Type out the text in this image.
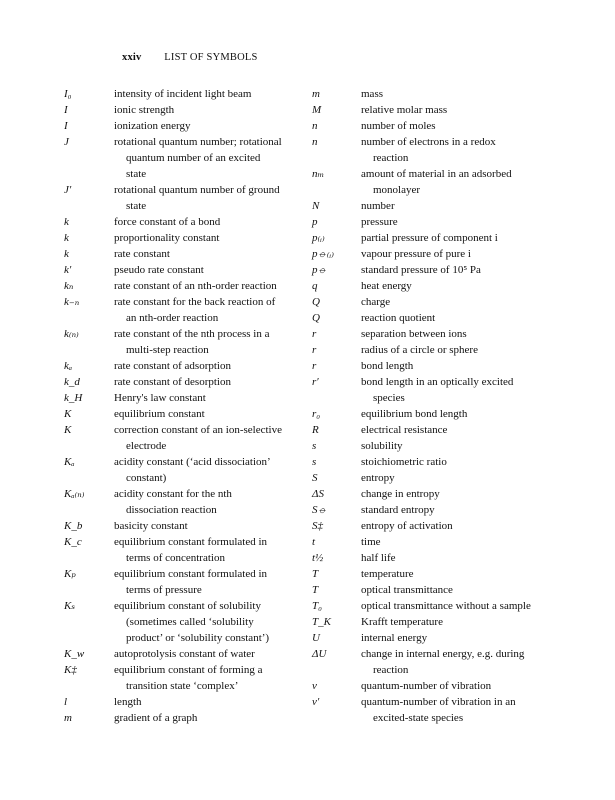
xxiv LIST OF SYMBOLS
I₀	intensity of incident light beam
I	ionic strength
I	ionization energy
J	rotational quantum number; rotational
quantum number of an excited
state
J′	rotational quantum number of ground
state
k	force constant of a bond
k	proportionality constant
k	rate constant
k′	pseudo rate constant
kₙ	rate constant of an nth-order reaction
k₋ₙ	rate constant for the back reaction of
an nth-order reaction
k₍ₙ₎	rate constant of the nth process in a
multi-step reaction
kₐ	rate constant of adsorption
k_d	rate constant of desorption
k_H	Henry's law constant
K	equilibrium constant
K	correction constant of an ion-selective
electrode
Kₐ	acidity constant (‘acid dissociation’
constant)
Kₐ₍ₙ₎	acidity constant for the nth
dissociation reaction
K_b	basicity constant
K_c	equilibrium constant formulated in
terms of concentration
Kₚ	equilibrium constant formulated in
terms of pressure
Kₛ	equilibrium constant of solubility
(sometimes called ‘solubility
product’ or ‘solubility constant’)
K_w	autoprotolysis constant of water
K‡	equilibrium constant of forming a
transition state ‘complex’
l	length
m	gradient of a graph
m	mass
M	relative molar mass
n	number of moles
n	number of electrons in a redox
reaction
nₘ	amount of material in an adsorbed
monolayer
N	number
p	pressure
p₍ᵢ₎	partial pressure of component i
p⦵₍ᵢ₎	vapour pressure of pure i
p⦵	standard pressure of 10⁵ Pa
q	heat energy
Q	charge
Q	reaction quotient
r	separation between ions
r	radius of a circle or sphere
r	bond length
r′	bond length in an optically excited
species
r₀	equilibrium bond length
R	electrical resistance
s	solubility
s	stoichiometric ratio
S	entropy
ΔS	change in entropy
S⦵	standard entropy
S‡	entropy of activation
t	time
t½	half life
T	temperature
T	optical transmittance
T₀	optical transmittance without a sample
T_K	Krafft temperature
U	internal energy
ΔU	change in internal energy, e.g. during
reaction
v	quantum-number of vibration
v′	quantum-number of vibration in an
excited-state species
